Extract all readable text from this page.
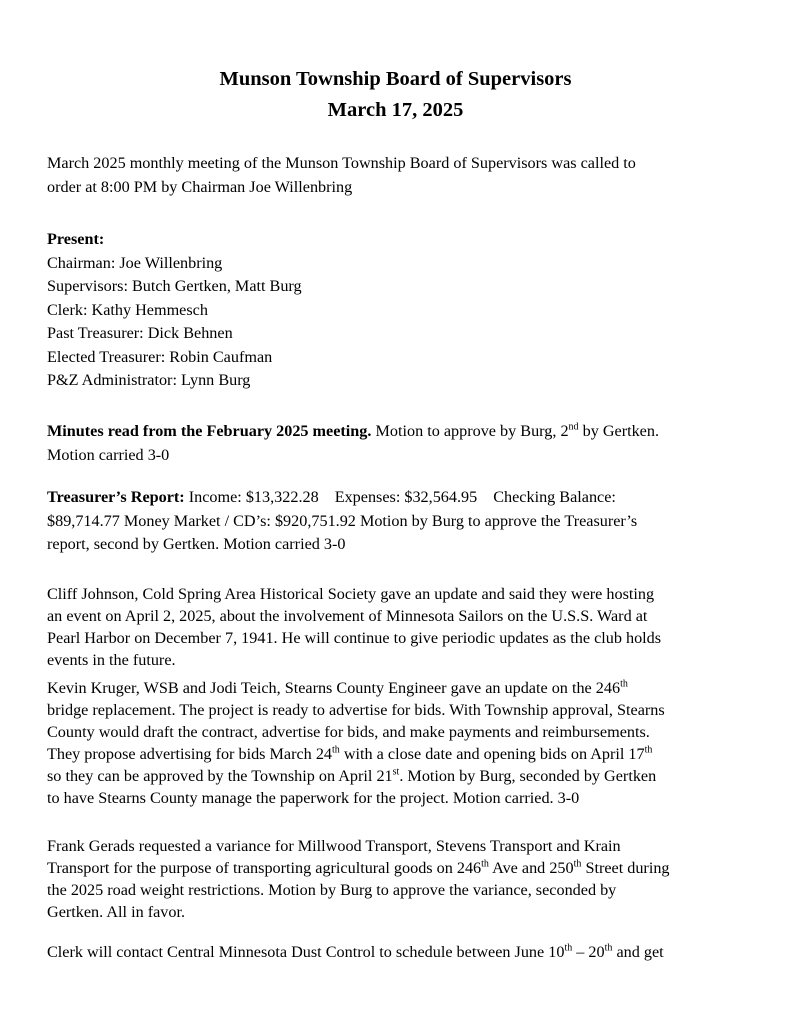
Munson Township Board of Supervisors
March 17, 2025
March 2025 monthly meeting of the Munson Township Board of Supervisors was called to
order at 8:00 PM by Chairman Joe Willenbring
Present:
Chairman: Joe Willenbring
Supervisors: Butch Gertken, Matt Burg
Clerk: Kathy Hemmesch
Past Treasurer: Dick Behnen
Elected Treasurer: Robin Caufman
P&Z Administrator: Lynn Burg
Minutes read from the February 2025 meeting. Motion to approve by Burg, 2nd by Gertken.
Motion carried 3-0
Treasurer’s Report: Income: $13,322.28 Expenses: $32,564.95 Checking Balance:
$89,714.77 Money Market / CD’s: $920,751.92 Motion by Burg to approve the Treasurer’s
report, second by Gertken. Motion carried 3-0
Cliff Johnson, Cold Spring Area Historical Society gave an update and said they were hosting
an event on April 2, 2025, about the involvement of Minnesota Sailors on the U.S.S. Ward at
Pearl Harbor on December 7, 1941. He will continue to give periodic updates as the club holds
events in the future.
Kevin Kruger, WSB and Jodi Teich, Stearns County Engineer gave an update on the 246th
bridge replacement. The project is ready to advertise for bids. With Township approval, Stearns
County would draft the contract, advertise for bids, and make payments and reimbursements.
They propose advertising for bids March 24th with a close date and opening bids on April 17th
so they can be approved by the Township on April 21st. Motion by Burg, seconded by Gertken
to have Stearns County manage the paperwork for the project. Motion carried. 3-0
Frank Gerads requested a variance for Millwood Transport, Stevens Transport and Krain
Transport for the purpose of transporting agricultural goods on 246th Ave and 250th Street during
the 2025 road weight restrictions. Motion by Burg to approve the variance, seconded by
Gertken. All in favor.
Clerk will contact Central Minnesota Dust Control to schedule between June 10th – 20th and get
